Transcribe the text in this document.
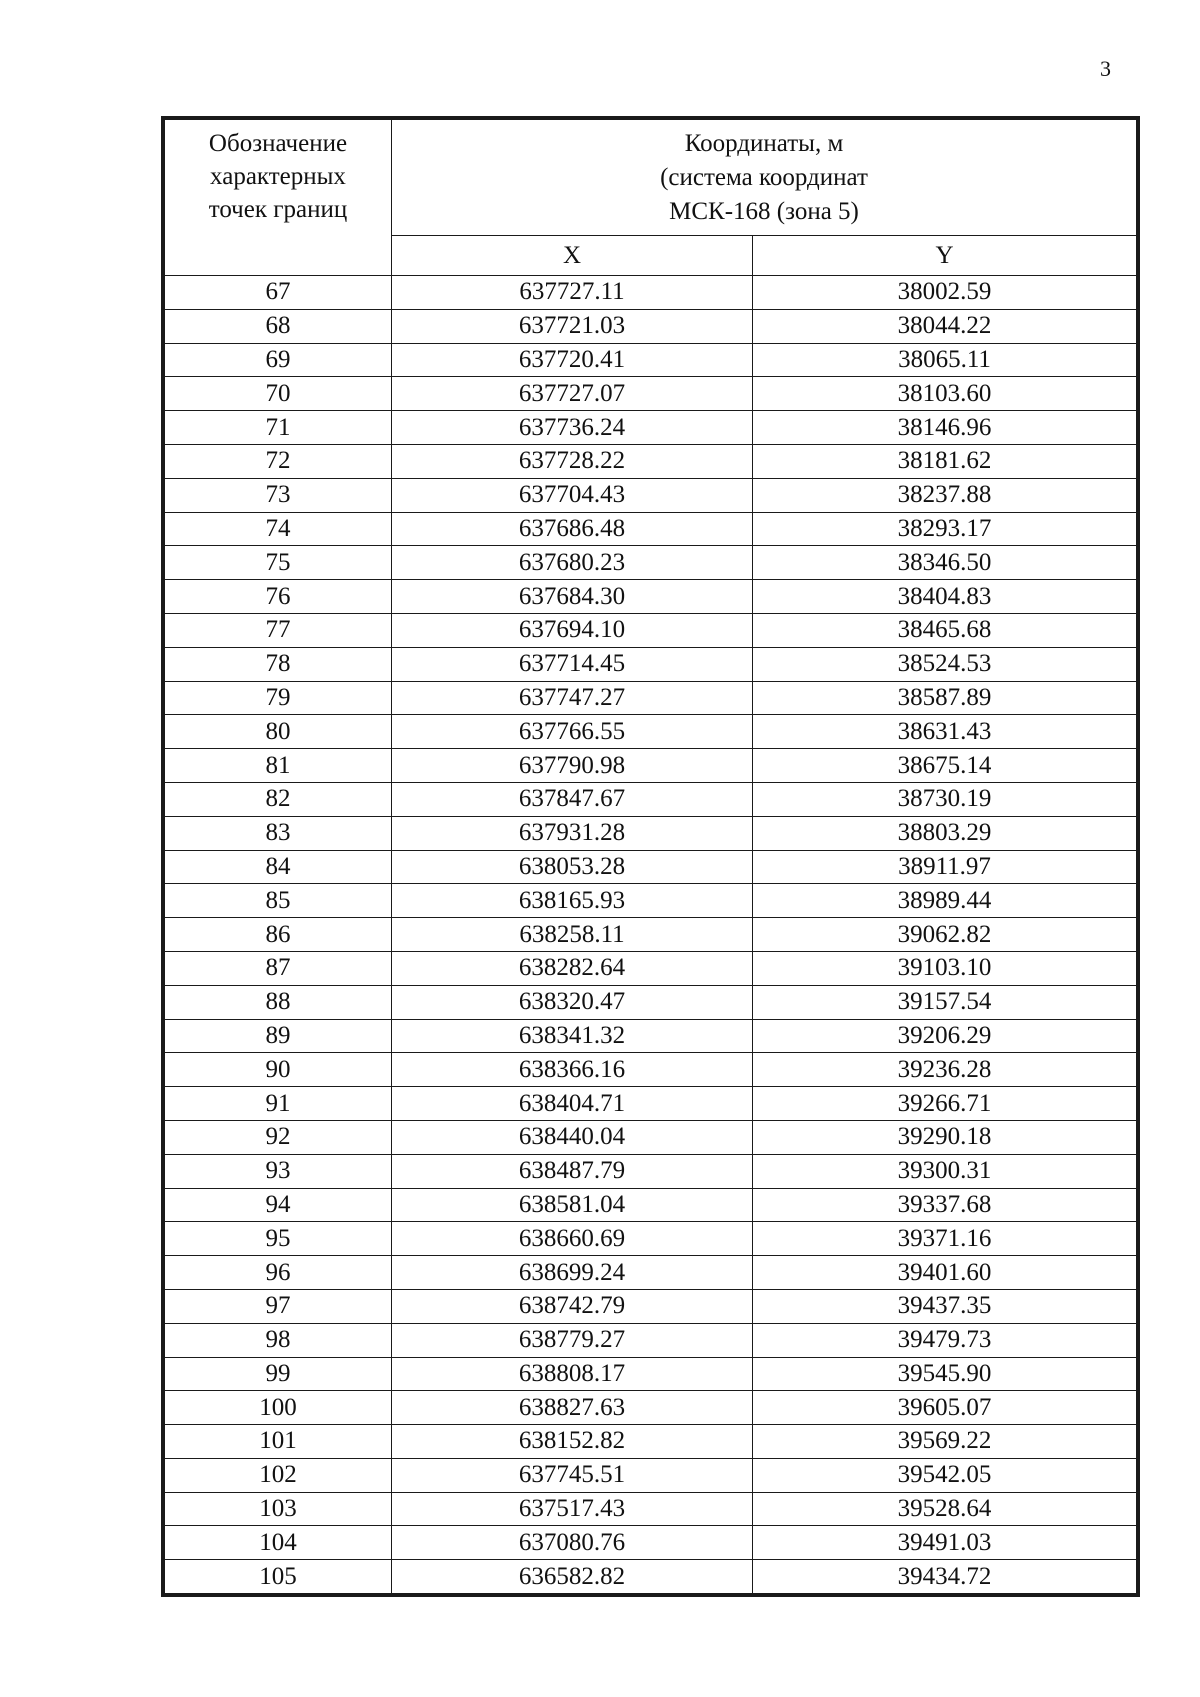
3
Обозначение
характерных
точек границ	Координаты, м
(система координат
МСК-168 (зона 5)	

	X	Y
67	637727.11	38002.59
68	637721.03	38044.22
69	637720.41	38065.11
70	637727.07	38103.60
71	637736.24	38146.96
72	637728.22	38181.62
73	637704.43	38237.88
74	637686.48	38293.17
75	637680.23	38346.50
76	637684.30	38404.83
77	637694.10	38465.68
78	637714.45	38524.53
79	637747.27	38587.89
80	637766.55	38631.43
81	637790.98	38675.14
82	637847.67	38730.19
83	637931.28	38803.29
84	638053.28	38911.97
85	638165.93	38989.44
86	638258.11	39062.82
87	638282.64	39103.10
88	638320.47	39157.54
89	638341.32	39206.29
90	638366.16	39236.28
91	638404.71	39266.71
92	638440.04	39290.18
93	638487.79	39300.31
94	638581.04	39337.68
95	638660.69	39371.16
96	638699.24	39401.60
97	638742.79	39437.35
98	638779.27	39479.73
99	638808.17	39545.90
100	638827.63	39605.07
101	638152.82	39569.22
102	637745.51	39542.05
103	637517.43	39528.64
104	637080.76	39491.03
105	636582.82	39434.72
